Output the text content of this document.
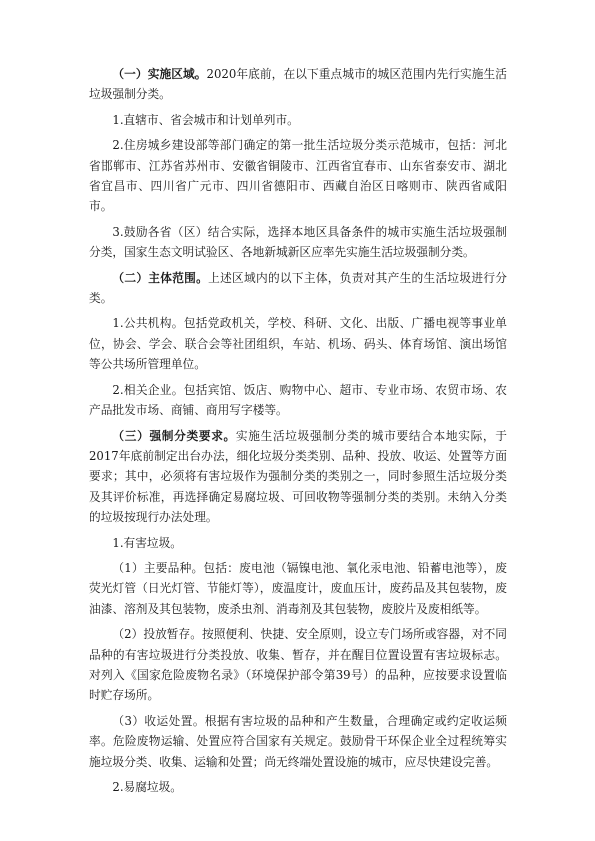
（一）实施区域。2020年底前，在以下重点城市的城区范围内先行实施生活垃圾强制分类。

1.直辖市、省会城市和计划单列市。

2.住房城乡建设部等部门确定的第一批生活垃圾分类示范城市，包括：河北省邯郸市、江苏省苏州市、安徽省铜陵市、江西省宜春市、山东省泰安市、湖北省宜昌市、四川省广元市、四川省德阳市、西藏自治区日喀则市、陕西省咸阳市。

3.鼓励各省（区）结合实际，选择本地区具备条件的城市实施生活垃圾强制分类，国家生态文明试验区、各地新城新区应率先实施生活垃圾强制分类。

（二）主体范围。上述区域内的以下主体，负责对其产生的生活垃圾进行分类。

1.公共机构。包括党政机关，学校、科研、文化、出版、广播电视等事业单位，协会、学会、联合会等社团组织，车站、机场、码头、体育场馆、演出场馆等公共场所管理单位。

2.相关企业。包括宾馆、饭店、购物中心、超市、专业市场、农贸市场、农产品批发市场、商铺、商用写字楼等。

（三）强制分类要求。实施生活垃圾强制分类的城市要结合本地实际，于2017年底前制定出台办法，细化垃圾分类类别、品种、投放、收运、处置等方面要求；其中，必须将有害垃圾作为强制分类的类别之一，同时参照生活垃圾分类及其评价标准，再选择确定易腐垃圾、可回收物等强制分类的类别。未纳入分类的垃圾按现行办法处理。

1.有害垃圾。

（1）主要品种。包括：废电池（镉镍电池、氧化汞电池、铅蓄电池等），废荧光灯管（日光灯管、节能灯等），废温度计，废血压计，废药品及其包装物，废油漆、溶剂及其包装物，废杀虫剂、消毒剂及其包装物，废胶片及废相纸等。

（2）投放暂存。按照便利、快捷、安全原则，设立专门场所或容器，对不同品种的有害垃圾进行分类投放、收集、暂存，并在醒目位置设置有害垃圾标志。对列入《国家危险废物名录》（环境保护部令第39号）的品种，应按要求设置临时贮存场所。

（3）收运处置。根据有害垃圾的品种和产生数量，合理确定或约定收运频率。危险废物运输、处置应符合国家有关规定。鼓励骨干环保企业全过程统筹实施垃圾分类、收集、运输和处置；尚无终端处置设施的城市，应尽快建设完善。

2.易腐垃圾。
